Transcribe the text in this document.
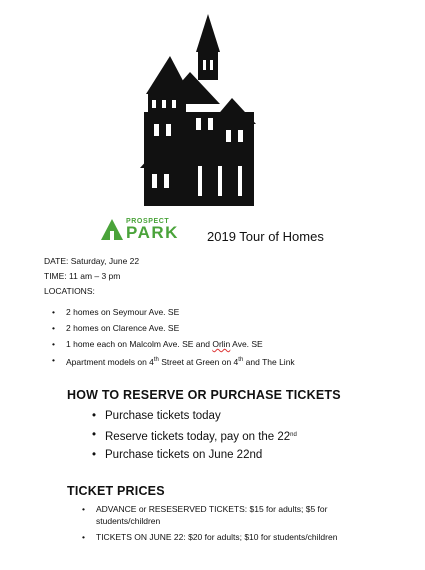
PROSPECT
PARK 2019 Tour of Homes
DATE: Saturday, June 22
TIME: 11 am – 3 pm
LOCATIONS:
• 2 homes on Seymour Ave. SE
• 2 homes on Clarence Ave. SE
• 1 home each on Malcolm Ave. SE and Orlin Ave. SE
• Apartment models on 4th Street at Green on 4th and The Link
HOW TO RESERVE OR PURCHASE TICKETS
• Purchase tickets today
• Reserve tickets today, pay on the 22nd
• Purchase tickets on June 22nd
TICKET PRICES
• ADVANCE or RESESERVED TICKETS: $15 for adults; $5 for students/children
• TICKETS ON JUNE 22: $20 for adults; $10 for students/children
